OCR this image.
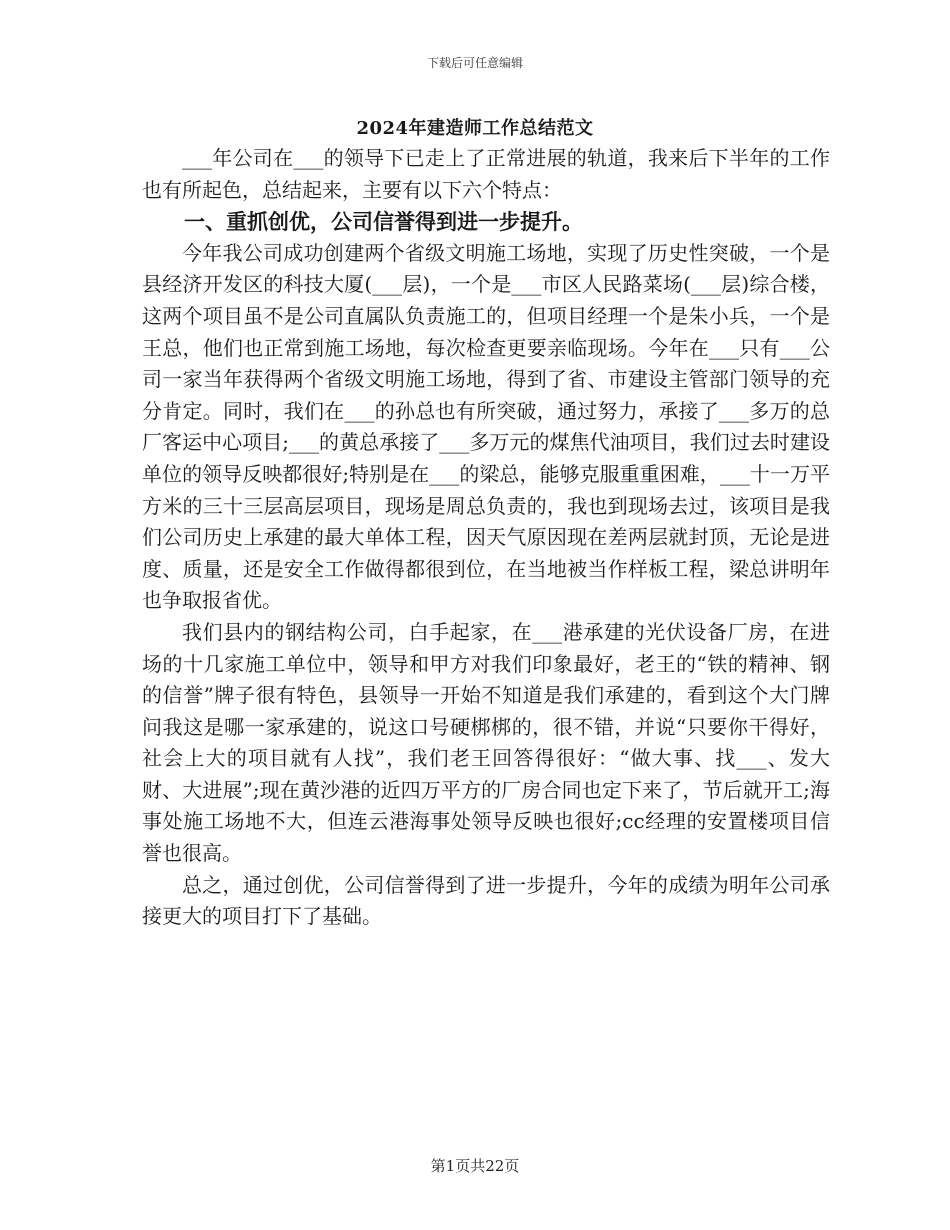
下载后可任意编辑
2024年建造师工作总结范文

___年公司在___的领导下已走上了正常进展的轨道，我来后下半年的工作也有所起色，总结起来，主要有以下六个特点：

一、重抓创优，公司信誉得到进一步提升。

今年我公司成功创建两个省级文明施工场地，实现了历史性突破，一个是县经济开发区的科技大厦(___层)，一个是___市区人民路菜场(___层)综合楼，这两个项目虽不是公司直属队负责施工的，但项目经理一个是朱小兵，一个是王总，他们也正常到施工场地，每次检查更要亲临现场。今年在___只有___公司一家当年获得两个省级文明施工场地，得到了省、市建设主管部门领导的充分肯定。同时，我们在___的孙总也有所突破，通过努力，承接了___多万的总厂客运中心项目;___的黄总承接了___多万元的煤焦代油项目，我们过去时建设单位的领导反映都很好;特别是在___的梁总，能够克服重重困难，___十一万平方米的三十三层高层项目，现场是周总负责的，我也到现场去过，该项目是我们公司历史上承建的最大单体工程，因天气原因现在差两层就封顶，无论是进度、质量，还是安全工作做得都很到位，在当地被当作样板工程，梁总讲明年也争取报省优。

我们县内的钢结构公司，白手起家，在___港承建的光伏设备厂房，在进场的十几家施工单位中，领导和甲方对我们印象最好，老王的“铁的精神、钢的信誉”牌子很有特色，县领导一开始不知道是我们承建的，看到这个大门牌问我这是哪一家承建的，说这口号硬梆梆的，很不错，并说“只要你干得好，社会上大的项目就有人找”，我们老王回答得很好：“做大事、找___、发大财、大进展”;现在黄沙港的近四万平方的厂房合同也定下来了，节后就开工;海事处施工场地不大，但连云港海事处领导反映也很好;cc经理的安置楼项目信誉也很高。

总之，通过创优，公司信誉得到了进一步提升，今年的成绩为明年公司承接更大的项目打下了基础。

第1页共22页
